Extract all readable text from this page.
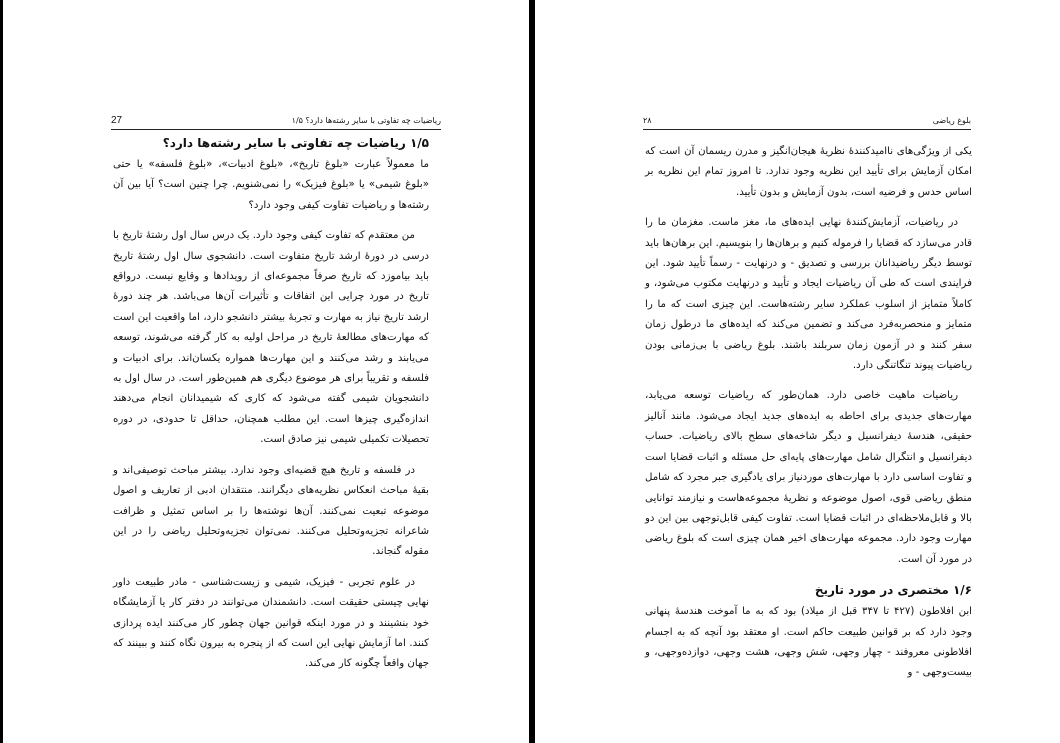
27	۱/۵ ریاضیات چه تفاوتی با سایر رشته‌ها دارد؟
۱/۵ ریاضیات چه تفاوتی با سایر رشته‌ها دارد؟

ما معمولاً عبارت «بلوغ تاریخ»، «بلوغ ادبیات»، «بلوغ فلسفه» یا حتی «بلوغ شیمی» یا «بلوغ فیزیک» را نمی‌شنویم. چرا چنین است؟ آیا بین آن رشته‌ها و ریاضیات تفاوت کیفی وجود دارد؟

من معتقدم که تفاوت کیفی وجود دارد. یک درس سال اول رشتهٔ تاریخ با درسی در دورهٔ ارشد تاریخ متفاوت است. دانشجوی سال اول رشتهٔ تاریخ باید بیاموزد که تاریخ صرفاً مجموعه‌ای از رویدادها و وقایع نیست. درواقع تاریخ در مورد چرایی این اتفاقات و تأثیرات آن‌ها می‌باشد. هر چند دورهٔ ارشد تاریخ نیاز به مهارت و تجربهٔ بیشتر دانشجو دارد، اما واقعیت این است که مهارت‌های مطالعهٔ تاریخ در مراحل اولیه به کار گرفته می‌شوند، توسعه می‌یابند و رشد می‌کنند و این مهارت‌ها همواره یکسان‌اند. برای ادبیات و فلسفه و تقریباً برای هر موضوع دیگری هم همین‌طور است. در سال اول به دانشجویان شیمی گفته می‌شود که کاری که شیمیدانان انجام می‌دهند اندازه‌گیری چیزها است. این مطلب همچنان، حداقل تا حدودی، در دوره تحصیلات تکمیلی شیمی نیز صادق است.

در فلسفه و تاریخ هیچ قضیه‌ای وجود ندارد. بیشتر مباحث توصیفی‌اند و بقیهٔ مباحث انعکاس نظریه‌های دیگرانند. منتقدان ادبی از تعاریف و اصول موضوعه تبعیت نمی‌کنند. آن‌ها نوشته‌ها را بر اساس تمثیل و ظرافت شاعرانه تجزیه‌وتحلیل می‌کنند. نمی‌توان تجزیه‌وتحلیل ریاضی را در این مقوله گنجاند.

در علوم تجربی - فیزیک، شیمی و زیست‌شناسی - مادر طبیعت داور نهایی چیستی حقیقت است. دانشمندان می‌توانند در دفتر کار یا آزمایشگاه خود بنشینند و در مورد اینکه قوانین جهان چطور کار می‌کنند ایده پردازی کنند. اما آزمایش نهایی این است که از پنجره به بیرون نگاه کنند و ببینند که جهان واقعاً چگونه کار می‌کند.

۲۸	بلوغ ریاضی

یکی از ویژگی‌های ناامیدکنندهٔ نظریهٔ هیجان‌انگیز و مدرن ریسمان آن است که امکان آزمایش برای تأیید این نظریه وجود ندارد. تا امروز تمام این نظریه بر اساس حدس و فرضیه است، بدون آزمایش و بدون تأیید.

در ریاضیات، آزمایش‌کنندهٔ نهایی ایده‌های ما، مغز ماست. مغزمان ما را قادر می‌سازد که قضایا را فرموله کنیم و برهان‌ها را بنویسیم. این برهان‌ها باید توسط دیگر ریاضیدانان بررسی و تصدیق - و درنهایت - رسماً تأیید شود. این فرایندی است که طی آن ریاضیات ایجاد و تأیید و درنهایت مکتوب می‌شود، و کاملاً متمایز از اسلوب عملکرد سایر رشته‌هاست. این چیزی است که ما را متمایز و منحصربه‌فرد می‌کند و تضمین می‌کند که ایده‌های ما درطول زمان سفر کنند و در آزمون زمان سربلند باشند. بلوغ ریاضی با بی‌زمانی بودن ریاضیات پیوند تنگاتنگی دارد.

ریاضیات ماهیت خاصی دارد. همان‌طور که ریاضیات توسعه می‌یابد، مهارت‌های جدیدی برای احاطه به ایده‌های جدید ایجاد می‌شود. مانند آنالیز حقیقی، هندسهٔ دیفرانسیل و دیگر شاخه‌های سطح بالای ریاضیات. حساب دیفرانسیل و انتگرال شامل مهارت‌های پایه‌ای حل مسئله و اثبات قضایا است و تفاوت اساسی دارد با مهارت‌های موردنیاز برای یادگیری جبر مجرد که شامل منطق ریاضی قوی، اصول موضوعه و نظریهٔ مجموعه‌هاست و نیازمند توانایی بالا و قابل‌ملاحظه‌ای در اثبات قضایا است. تفاوت کیفی قابل‌توجهی بین این دو مهارت وجود دارد. مجموعه مهارت‌های اخیر همان چیزی است که بلوغ ریاضی در مورد آن است.

۱/۶ مختصری در مورد تاریخ

ابن افلاطون (۴۲۷ تا ۳۴۷ قبل از میلاد) بود که به ما آموخت هندسهٔ پنهانی وجود دارد که بر قوانین طبیعت حاکم است. او معتقد بود آنچه که به اجسام افلاطونی معروفند - چهار وجهی، شش وجهی، هشت وجهی، دوازده‌وجهی، و بیست‌وجهی - و
